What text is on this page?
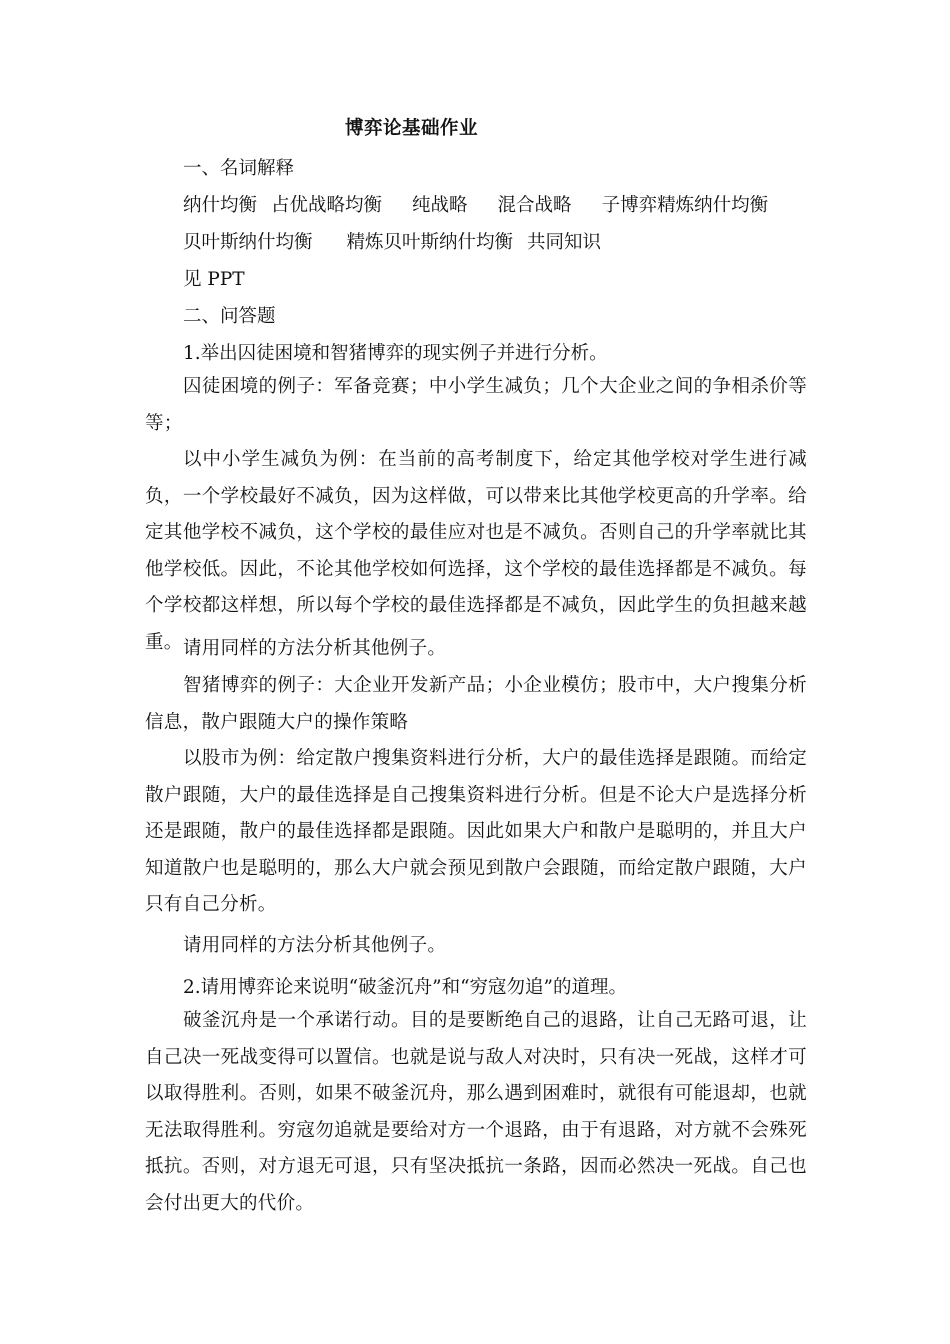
博弈论基础作业
一、名词解释
纳什均衡 占优战略均衡 纯战略 混合战略 子博弈精炼纳什均衡
贝叶斯纳什均衡 精炼贝叶斯纳什均衡 共同知识
见 PPT
二、问答题
1.举出囚徒困境和智猪博弈的现实例子并进行分析。
囚徒困境的例子：军备竞赛；中小学生减负；几个大企业之间的争相杀价等等；
以中小学生减负为例：在当前的高考制度下，给定其他学校对学生进行减负，一个学校最好不减负，因为这样做，可以带来比其他学校更高的升学率。给定其他学校不减负，这个学校的最佳应对也是不减负。否则自己的升学率就比其他学校低。因此，不论其他学校如何选择，这个学校的最佳选择都是不减负。每个学校都这样想，所以每个学校的最佳选择都是不减负，因此学生的负担越来越重。 请用同样的方法分析其他例子。
智猪博弈的例子：大企业开发新产品；小企业模仿；股市中，大户搜集分析信息，散户跟随大户的操作策略
以股市为例：给定散户搜集资料进行分析，大户的最佳选择是跟随。而给定散户跟随，大户的最佳选择是自己搜集资料进行分析。但是不论大户是选择分析还是跟随，散户的最佳选择都是跟随。因此如果大户和散户是聪明的，并且大户知道散户也是聪明的，那么大户就会预见到散户会跟随，而给定散户跟随，大户只有自己分析。
请用同样的方法分析其他例子。
2.请用博弈论来说明“破釜沉舟”和“穷寇勿追”的道理。
破釜沉舟是一个承诺行动。目的是要断绝自己的退路，让自己无路可退，让自己决一死战变得可以置信。也就是说与敌人对决时，只有决一死战，这样才可以取得胜利。否则，如果不破釜沉舟，那么遇到困难时，就很有可能退却，也就无法取得胜利。穷寇勿追就是要给对方一个退路，由于有退路，对方就不会殊死抵抗。否则，对方退无可退，只有坚决抵抗一条路，因而必然决一死战。自己也会付出更大的代价。
